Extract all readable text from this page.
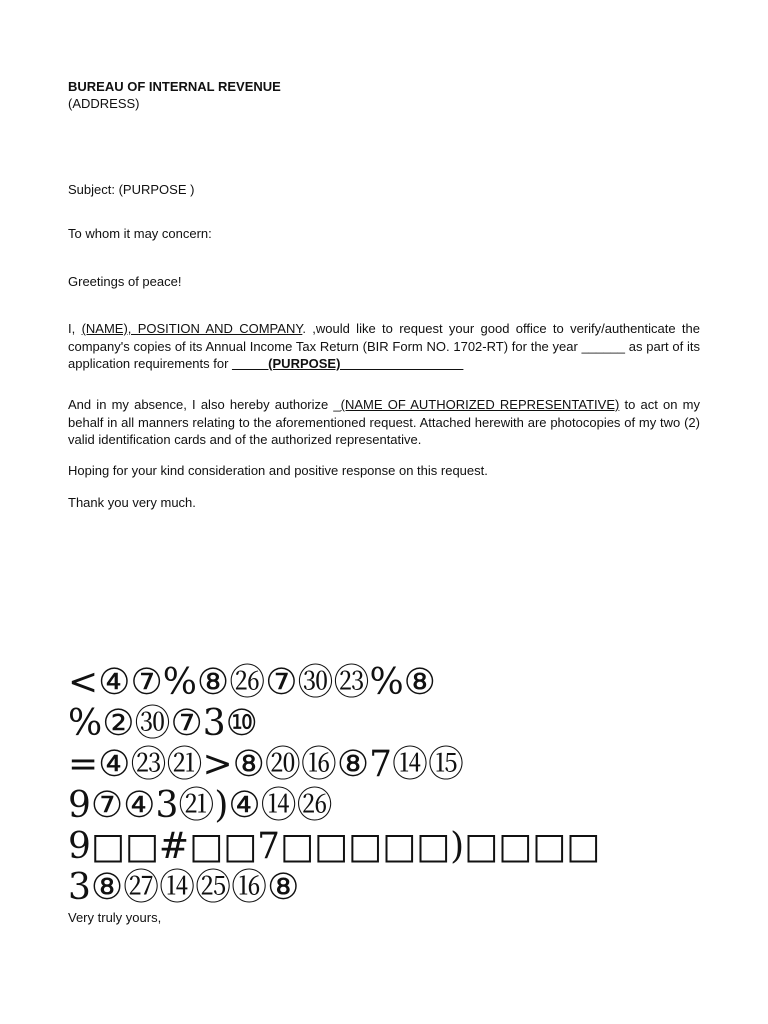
BUREAU OF INTERNAL REVENUE
(ADDRESS)
Subject: (PURPOSE )
To whom it may concern:
Greetings of peace!
I, (NAME), POSITION AND COMPANY. ,would like to request your good office to verify/authenticate the company's copies of its Annual Income Tax Return (BIR Form NO. 1702-RT) for the year ______ as part of its application requirements for _____(PURPOSE)_________________
And in my absence, I also hereby authorize _(NAME OF AUTHORIZED REPRESENTATIVE) to act on my behalf in all manners relating to the aforementioned request. Attached herewith are photocopies of my two (2) valid identification cards and of the authorized representative.
Hoping for your kind consideration and positive response on this request.
Thank you very much.
<④⑦%⑧㉖⑦㉚㉓%⑧
%②㉚⑦3⑩
=④㉓㉑>⑧⑳⑯⑧7⑭⑮
9⑦④3㉑)④⑭㉖
9□□#□□7□□□□□)□□□□
3⑧㉗⑭㉕⑯⑧
Very truly yours,
